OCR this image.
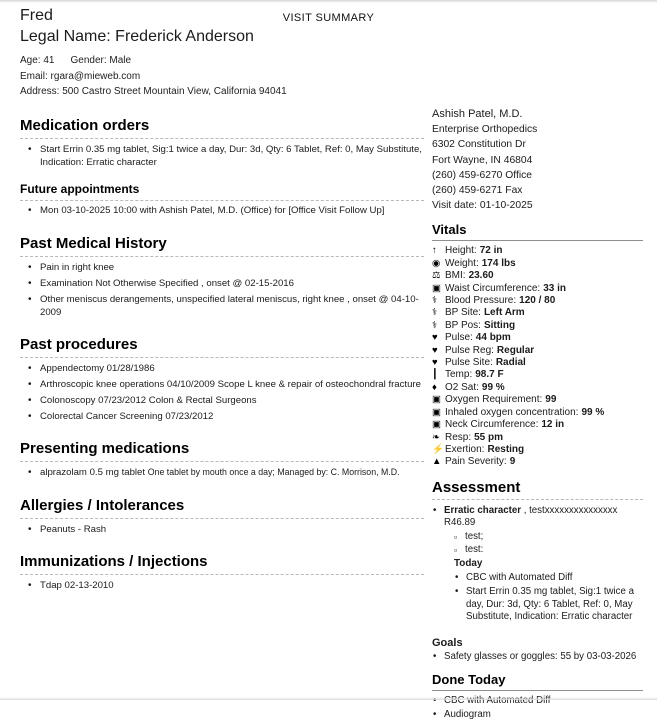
VISIT SUMMARY
Fred
Legal Name: Frederick Anderson
Age: 41 Gender: Male
Email: rgara@mieweb.com
Address: 500 Castro Street Mountain View, California 94041
Medication orders
• Start Errin 0.35 mg tablet, Sig:1 twice a day, Dur: 3d, Qty: 6 Tablet, Ref: 0, May Substitute, Indication: Erratic character
Future appointments
• Mon 03-10-2025 10:00 with Ashish Patel, M.D. (Office) for [Office Visit Follow Up]
Past Medical History
• Pain in right knee
• Examination Not Otherwise Specified , onset @ 02-15-2016
• Other meniscus derangements, unspecified lateral meniscus, right knee , onset @ 04-10-2009
Past procedures
• Appendectomy 01/28/1986
• Arthroscopic knee operations 04/10/2009 Scope L knee & repair of osteochondral fracture
• Colonoscopy 07/23/2012 Colon & Rectal Surgeons
• Colorectal Cancer Screening 07/23/2012
Presenting medications
• alprazolam 0.5 mg tablet One tablet by mouth once a day; Managed by: C. Morrison, M.D.
Allergies / Intolerances
• Peanuts - Rash
Immunizations / Injections
• Tdap 02-13-2010
Ashish Patel, M.D.
Enterprise Orthopedics
6302 Constitution Dr
Fort Wayne, IN 46804
(260) 459-6270 Office
(260) 459-6271 Fax
Visit date: 01-10-2025
Vitals
↑ Height: 72 in
◉ Weight: 174 lbs
⚖ BMI: 23.60
▣ Waist Circumference: 33 in
⚕ Blood Pressure: 120 / 80
⚕ BP Site: Left Arm
⚕ BP Pos: Sitting
♥ Pulse: 44 bpm
♥ Pulse Reg: Regular
♥ Pulse Site: Radial
┃ Temp: 98.7 F
♦ O2 Sat: 99 %
▣ Oxygen Requirement: 99
▣ Inhaled oxygen concentration: 99 %
▣ Neck Circumference: 12 in
❧ Resp: 55 pm
⚡Exertion: Resting
▲ Pain Severity: 9
Assessment
• Erratic character , testxxxxxxxxxxxxxxx
R46.89
▫ test;
▫ test:
Today
• CBC with Automated Diff
• Start Errin 0.35 mg tablet, Sig:1 twice a day, Dur: 3d, Qty: 6 Tablet, Ref: 0, May Substitute, Indication: Erratic character
Goals
• Safety glasses or goggles: 55 by 03-03-2026
Done Today
• CBC with Automated Diff
• Audiogram
